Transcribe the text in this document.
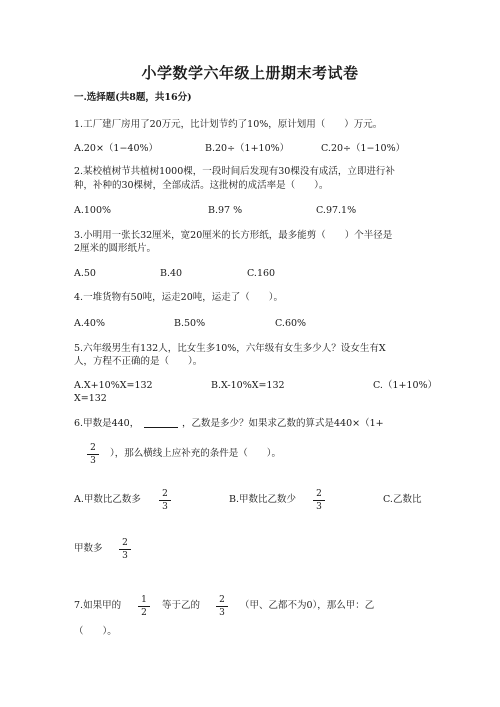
小学数学六年级上册期末考试卷
一.选择题(共8题，共16分)
1.工厂建厂房用了20万元，比计划节约了10%，原计划用（　　）万元。
A.20×（1−40%）	B.20÷（1+10%）	C.20÷（1−10%）
2.某校植树节共植树1000棵，一段时间后发现有30棵没有成活，立即进行补
种，补种的30棵树，全部成活。这批树的成活率是（　　）。
A.100%	B.97 %	C.97.1%
3.小明用一张长32厘米，宽20厘米的长方形纸，最多能剪（　　）个半径是
2厘米的圆形纸片。
A.50	B.40	C.160
4.一堆货物有50吨，运走20吨，运走了（　　）。
A.40%	B.50%	C.60%
5.六年级男生有132人，比女生多10%，六年级有女生多少人？设女生有X
人，方程不正确的是（　　）。
A.X+10%X=132	B.X-10%X=132	C.（1+10%）
X=132
6.甲数是440，	，乙数是多少？如果求乙数的算式是440×（1+
2
3
），那么横线上应补充的条件是（　　）。
A.甲数比乙数多	2
3
B.甲数比乙数少	2
3
C.乙数比
甲数多	2
3
7.如果甲的	1
2
等于乙的	2
3
（甲、乙都不为0），那么甲：乙
（　　）。
